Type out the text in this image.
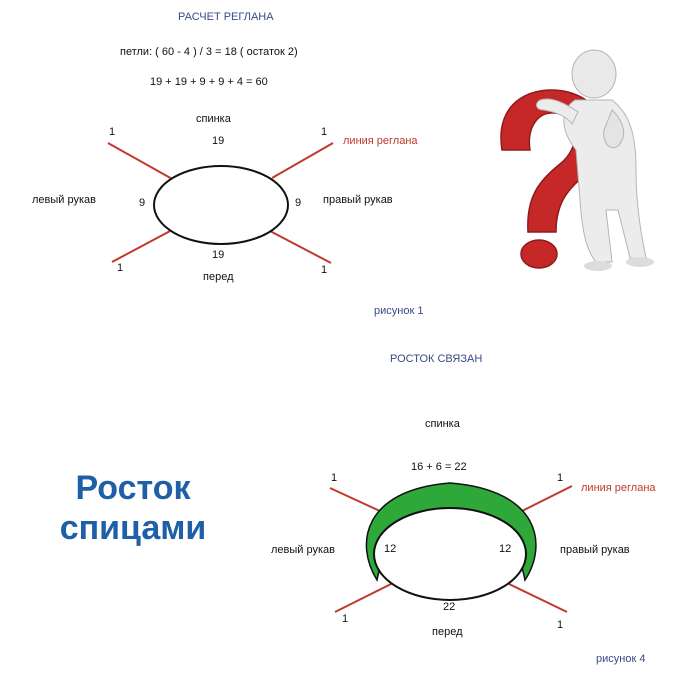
РАСЧЕТ РЕГЛАНА
петли: ( 60 - 4 ) / 3 = 18 ( остаток 2)
19 + 19 + 9 + 9 + 4 = 60
спинка
19
19
перед
левый рукав	9	9 правый рукав
линия реглана
1	1
1	1
рисунок 1
Росток
спицами
РОСТОК СВЯЗАН
спинка
16 + 6 = 22
22
перед
левый рукав	12	12	правый рукав
линия реглана
1	1
1	1
рисунок 4
